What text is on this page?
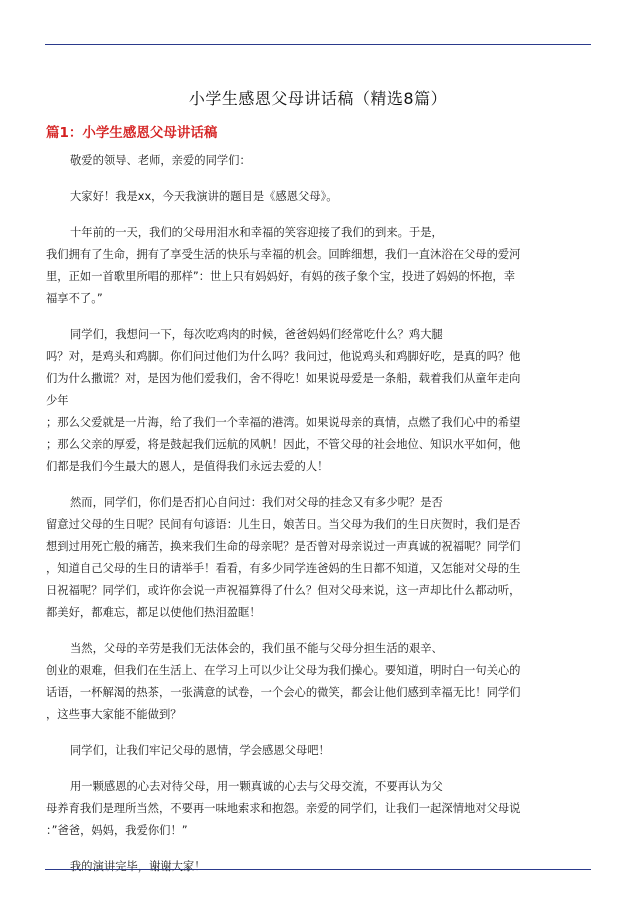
小学生感恩父母讲话稿（精选8篇）
篇1：小学生感恩父母讲话稿
敬爱的领导、老师，亲爱的同学们：
大家好！我是xx，今天我演讲的题目是《感恩父母》。
十年前的一天，我们的父母用泪水和幸福的笑容迎接了我们的到来。于是，
我们拥有了生命，拥有了享受生活的快乐与幸福的机会。回眸细想，我们一直沐浴在父母的爱河
里，正如一首歌里所唱的那样”：世上只有妈妈好，有妈的孩子象个宝，投进了妈妈的怀抱，幸
福享不了。”
同学们，我想问一下，每次吃鸡肉的时候，爸爸妈妈们经常吃什么？鸡大腿
吗？对，是鸡头和鸡脚。你们问过他们为什么吗？我问过，他说鸡头和鸡脚好吃，是真的吗？他
们为什么撒谎？对，是因为他们爱我们，舍不得吃！如果说母爱是一条船，载着我们从童年走向
少年
；那么父爱就是一片海，给了我们一个幸福的港湾。如果说母亲的真情，点燃了我们心中的希望
；那么父亲的厚爱，将是鼓起我们远航的风帆！因此，不管父母的社会地位、知识水平如何，他
们都是我们今生最大的恩人，是值得我们永远去爱的人！
然而，同学们，你们是否扪心自问过：我们对父母的挂念又有多少呢？是否
留意过父母的生日呢？民间有句谚语：儿生日，娘苦日。当父母为我们的生日庆贺时，我们是否
想到过用死亡般的痛苦，换来我们生命的母亲呢？是否曾对母亲说过一声真诚的祝福呢？同学们
，知道自己父母的生日的请举手！看看，有多少同学连爸妈的生日都不知道，又怎能对父母的生
日祝福呢？同学们，或许你会说一声祝福算得了什么？但对父母来说，这一声却比什么都动听，
都美好，都难忘，都足以使他们热泪盈眶！
当然，父母的辛劳是我们无法体会的，我们虽不能与父母分担生活的艰辛、
创业的艰难，但我们在生活上、在学习上可以少让父母为我们操心。要知道，明时白一句关心的
话语，一杯解渴的热茶，一张满意的试卷，一个会心的微笑，都会让他们感到幸福无比！同学们
，这些事大家能不能做到？
同学们，让我们牢记父母的恩情，学会感恩父母吧！
用一颗感恩的心去对待父母，用一颗真诚的心去与父母交流，不要再认为父
母养育我们是理所当然，不要再一味地索求和抱怨。亲爱的同学们，让我们一起深情地对父母说
：”爸爸，妈妈，我爱你们！”
我的演讲完毕，谢谢大家！
